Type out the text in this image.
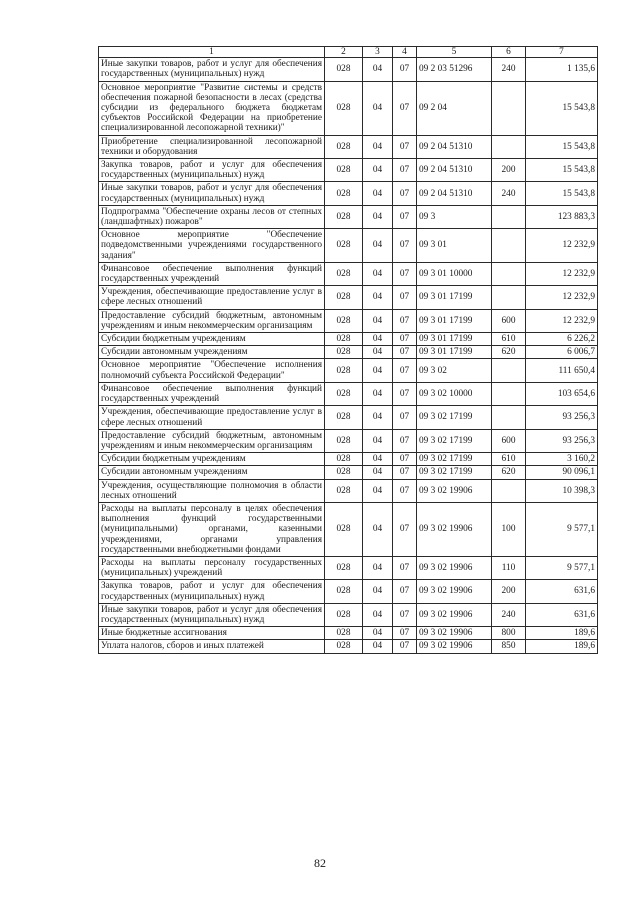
1	2	3	4	5	6	7
Иные закупки товаров, работ и услуг для обеспечения государственных (муниципальных) нужд	028	04	07	09 2 03 51296	240	1 135,6
Основное мероприятие "Развитие системы и средств обеспечения пожарной безопасности в лесах (средства субсидии из федерального бюджета бюджетам субъектов Российской Федерации на приобретение специализированной лесопожарной техники)"	028	04	07	09 2 04		15 543,8
Приобретение специализированной лесопожарной техники и оборудования	028	04	07	09 2 04 51310		15 543,8
Закупка товаров, работ и услуг для обеспечения государственных (муниципальных) нужд	028	04	07	09 2 04 51310	200	15 543,8
Иные закупки товаров, работ и услуг для обеспечения государственных (муниципальных) нужд	028	04	07	09 2 04 51310	240	15 543,8
Подпрограмма "Обеспечение охраны лесов от степных (ландшафтных) пожаров"	028	04	07	09 3		123 883,3
Основное мероприятие "Обеспечение подведомственными учреждениями государственного задания"	028	04	07	09 3 01		12 232,9
Финансовое обеспечение выполнения функций государственных учреждений	028	04	07	09 3 01 10000		12 232,9
Учреждения, обеспечивающие предоставление услуг в сфере лесных отношений	028	04	07	09 3 01 17199		12 232,9
Предоставление субсидий бюджетным, автономным учреждениям и иным некоммерческим организациям	028	04	07	09 3 01 17199	600	12 232,9
Субсидии бюджетным учреждениям	028	04	07	09 3 01 17199	610	6 226,2
Субсидии автономным учреждениям	028	04	07	09 3 01 17199	620	6 006,7
Основное мероприятие "Обеспечение исполнения полномочий субъекта Российской Федерации"	028	04	07	09 3 02		111 650,4
Финансовое обеспечение выполнения функций государственных учреждений	028	04	07	09 3 02 10000		103 654,6
Учреждения, обеспечивающие предоставление услуг в сфере лесных отношений	028	04	07	09 3 02 17199		93 256,3
Предоставление субсидий бюджетным, автономным учреждениям и иным некоммерческим организациям	028	04	07	09 3 02 17199	600	93 256,3
Субсидии бюджетным учреждениям	028	04	07	09 3 02 17199	610	3 160,2
Субсидии автономным учреждениям	028	04	07	09 3 02 17199	620	90 096,1
Учреждения, осуществляющие полномочия в области лесных отношений	028	04	07	09 3 02 19906		10 398,3
Расходы на выплаты персоналу в целях обеспечения выполнения функций государственными (муниципальными) органами, казенными учреждениями, органами управления государственными внебюджетными фондами	028	04	07	09 3 02 19906	100	9 577,1
Расходы на выплаты персоналу государственных (муниципальных) учреждений	028	04	07	09 3 02 19906	110	9 577,1
Закупка товаров, работ и услуг для обеспечения государственных (муниципальных) нужд	028	04	07	09 3 02 19906	200	631,6
Иные закупки товаров, работ и услуг для обеспечения государственных (муниципальных) нужд	028	04	07	09 3 02 19906	240	631,6
Иные бюджетные ассигнования	028	04	07	09 3 02 19906	800	189,6
Уплата налогов, сборов и иных платежей	028	04	07	09 3 02 19906	850	189,6
82
